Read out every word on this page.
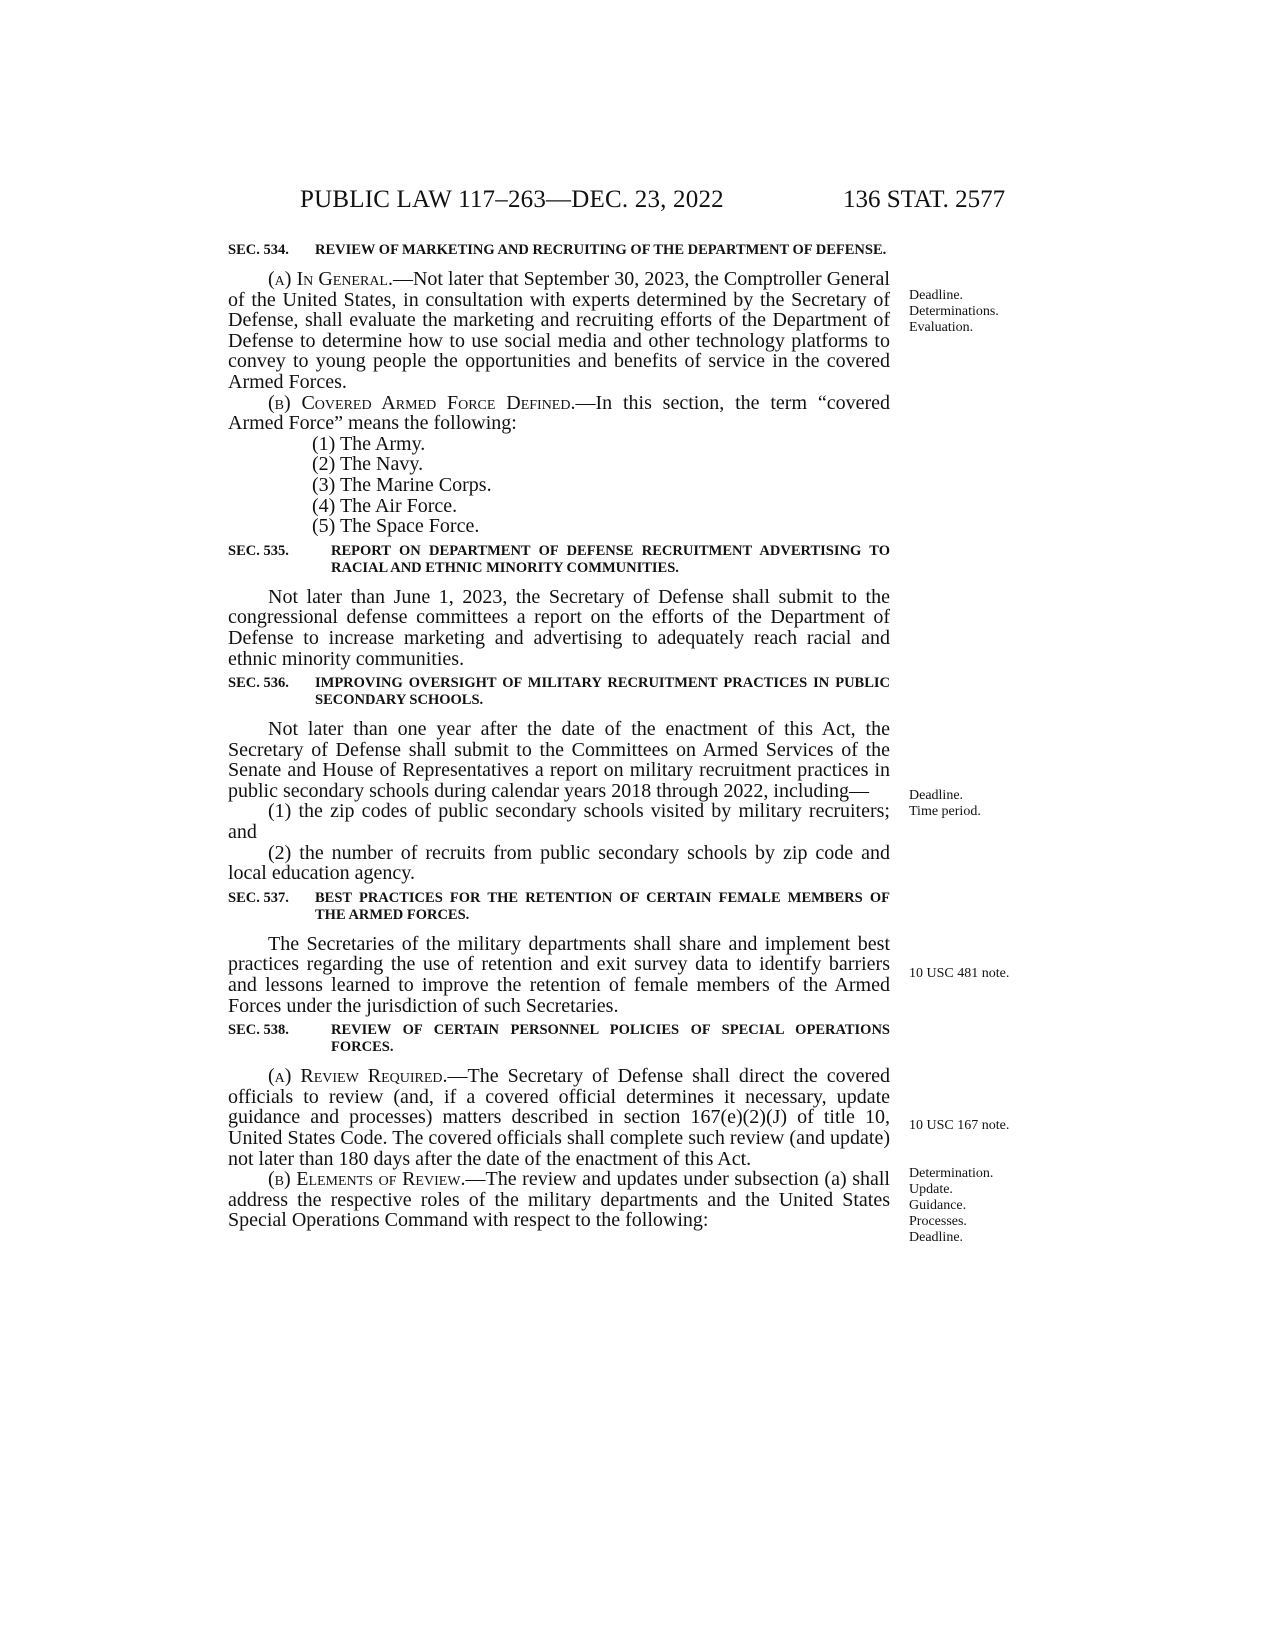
PUBLIC LAW 117–263—DEC. 23, 2022	136 STAT. 2577
SEC. 534. REVIEW OF MARKETING AND RECRUITING OF THE DEPARTMENT OF DEFENSE.

(a) In General.—Not later that September 30, 2023, the Comptroller General of the United States, in consultation with experts determined by the Secretary of Defense, shall evaluate the marketing and recruiting efforts of the Department of Defense to determine how to use social media and other technology platforms to convey to young people the opportunities and benefits of service in the covered Armed Forces.

(b) Covered Armed Force Defined.—In this section, the term “covered Armed Force” means the following:

(1) The Army.

(2) The Navy.

(3) The Marine Corps.

(4) The Air Force.

(5) The Space Force.

SEC. 535.	REPORT ON DEPARTMENT OF DEFENSE RECRUITMENT ADVERTISING TO RACIAL AND ETHNIC MINORITY COMMUNITIES.

Not later than June 1, 2023, the Secretary of Defense shall submit to the congressional defense committees a report on the efforts of the Department of Defense to increase marketing and advertising to adequately reach racial and ethnic minority communities.

SEC. 536. IMPROVING OVERSIGHT OF MILITARY RECRUITMENT PRACTICES IN PUBLIC SECONDARY SCHOOLS.

Not later than one year after the date of the enactment of this Act, the Secretary of Defense shall submit to the Committees on Armed Services of the Senate and House of Representatives a report on military recruitment practices in public secondary schools during calendar years 2018 through 2022, including—

(1) the zip codes of public secondary schools visited by military recruiters; and

(2) the number of recruits from public secondary schools by zip code and local education agency.

SEC. 537. BEST PRACTICES FOR THE RETENTION OF CERTAIN FEMALE MEMBERS OF THE ARMED FORCES.

The Secretaries of the military departments shall share and implement best practices regarding the use of retention and exit survey data to identify barriers and lessons learned to improve the retention of female members of the Armed Forces under the jurisdiction of such Secretaries.

SEC. 538.	REVIEW OF CERTAIN PERSONNEL POLICIES OF SPECIAL OPERATIONS FORCES.

(a) Review Required.—The Secretary of Defense shall direct the covered officials to review (and, if a covered official determines it necessary, update guidance and processes) matters described in section 167(e)(2)(J) of title 10, United States Code. The covered officials shall complete such review (and update) not later than 180 days after the date of the enactment of this Act.

(b) Elements of Review.—The review and updates under subsection (a) shall address the respective roles of the military departments and the United States Special Operations Command with respect to the following:

Deadline.
Determinations.
Evaluation.
Deadline.
Time period.
10 USC 481 note.
10 USC 167 note.
Determination.
Update.
Guidance.
Processes.
Deadline.
